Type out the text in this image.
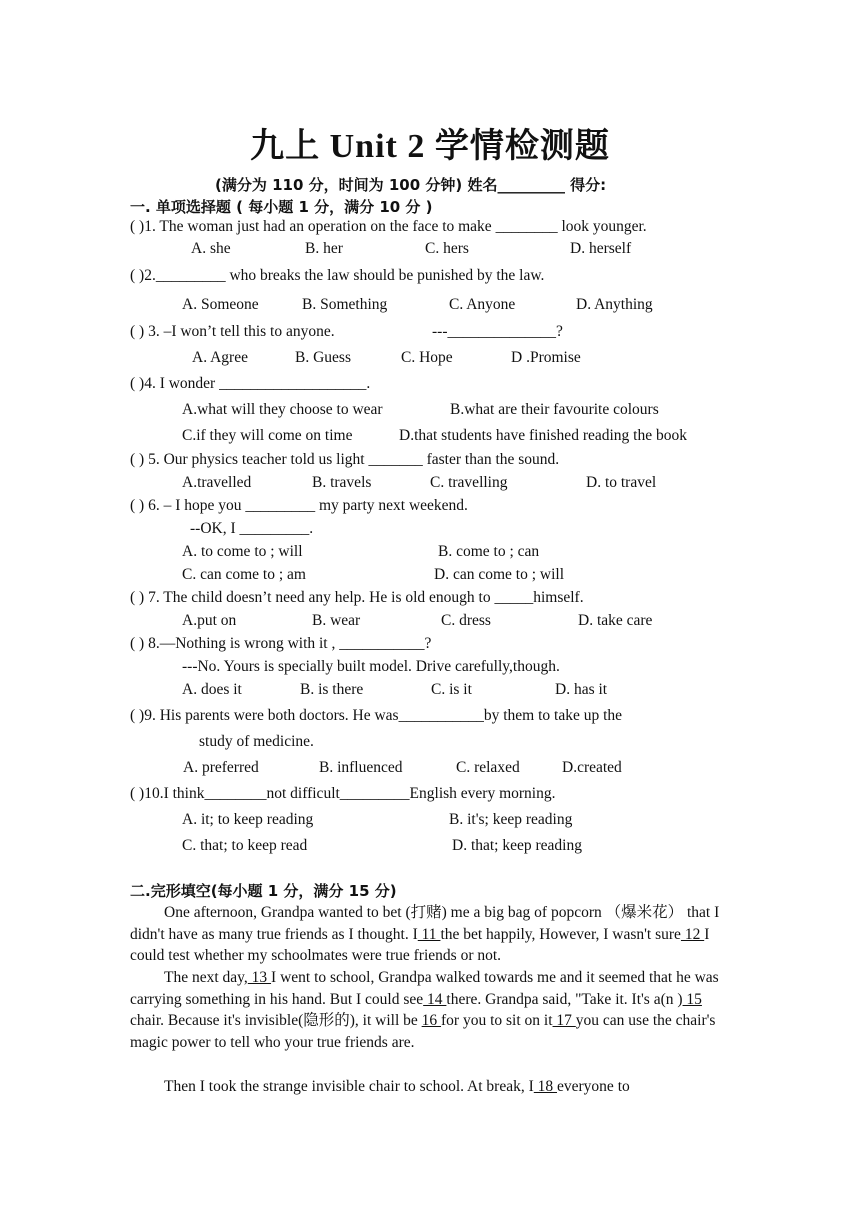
九上 Unit 2 学情检测题
(满分为 110 分，时间为 100 分钟) 姓名_________ 得分:
一. 单项选择题 ( 每小题 1 分，满分 10 分 )
( )1. The woman just had an operation on the face to make ________ look younger.
A. she	B. her	C. hers	D. herself
( )2._________ who breaks the law should be punished by the law.
A. Someone	B. Something	C. Anyone	D. Anything
( ) 3. –I won’t tell this to anyone.	---______________?
A. Agree	B. Guess	C. Hope	D .Promise
( )4. I wonder ___________________.
A.what will they choose to wear	B.what are their favourite colours
C.if they will come on time	D.that students have finished reading the book
( ) 5. Our physics teacher told us light _______ faster than the sound.
A.travelled	B. travels	C. travelling	D. to travel
( ) 6. – I hope you _________ my party next weekend.
--OK, I _________.
A. to come to ; will	B. come to ; can
C. can come to ; am	D. can come to ; will
( ) 7. The child doesn’t need any help. He is old enough to _____himself.
A.put on	B. wear	C. dress	D. take care
( ) 8.—Nothing is wrong with it , ___________?
---No. Yours is specially built model. Drive carefully,though.
A. does it	B. is there	C. is it	D. has it
( )9. His parents were both doctors. He was___________by them to take up the
study of medicine.
A. preferred	B. influenced	C. relaxed	D.created
( )10.I think________not difficult_________English every morning.
A. it; to keep reading	B. it's; keep reading
C. that; to keep read	D. that; keep reading
二.完形填空(每小题 1 分，满分 15 分)
One afternoon, Grandpa wanted to bet (打赌) me a big bag of popcorn （爆米花） that I didn't have as many true friends as I thought. I 11 the bet happily, However, I wasn't sure 12 I could test whether my schoolmates were true friends or not.
The next day, 13 I went to school, Grandpa walked towards me and it seemed that he was carrying something in his hand. But I could see 14 there. Grandpa said, "Take it. It's a(n ) 15 chair. Because it's invisible(隐形的), it will be 16 for you to sit on it 17 you can use the chair's magic power to tell who your true friends are.
Then I took the strange invisible chair to school. At break, I 18 everyone to
